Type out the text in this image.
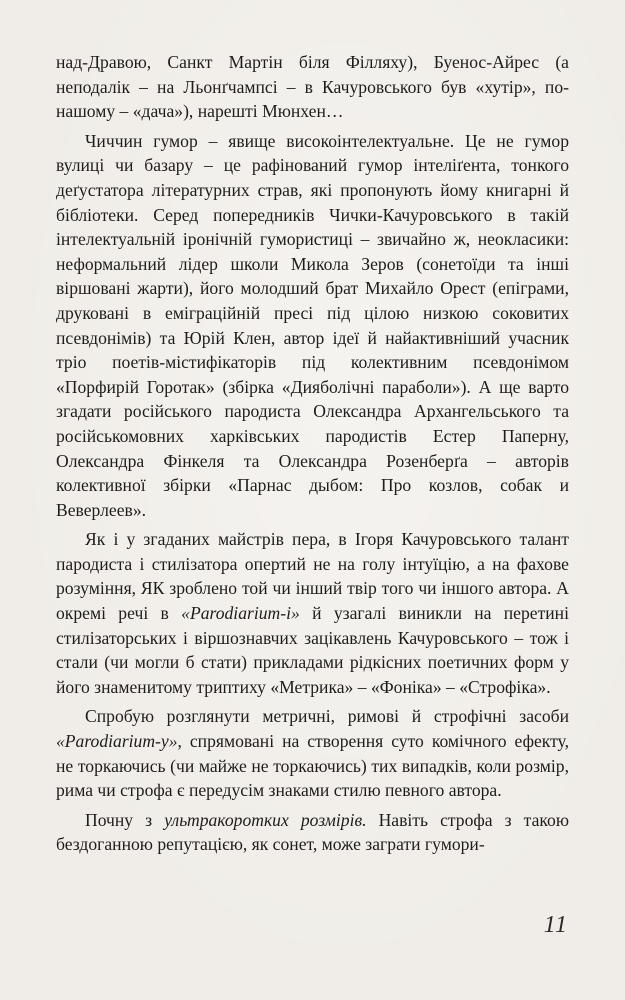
над-Дравою, Санкт Мартін біля Філляху), Буенос-Айрес (а неподалік – на Льонґчампсі – в Качуровського був «хутір», по-нашому – «дача»), нарешті Мюнхен…

Чиччин гумор – явище високоінтелектуальне. Це не гумор вулиці чи базару – це рафінований гумор інтеліґента, тонкого деґустатора літературних страв, які пропонують йому книгарні й бібліотеки. Серед попередників Чички-Качуровського в такій інтелектуальній іронічній гумористиці – звичайно ж, неокласики: неформальний лідер школи Микола Зеров (сонетоїди та інші віршовані жарти), його молодший брат Михайло Орест (епіграми, друковані в еміграційній пресі під цілою низкою соковитих псевдонімів) та Юрій Клен, автор ідеї й найактивніший учасник тріо поетів-містифікаторів під колективним псевдонімом «Порфирій Горотак» (збірка «Дияболічні параболи»). А ще варто згадати російського пародиста Олександра Архангельського та російськомовних харківських пародистів Естер Паперну, Олександра Фінкеля та Олександра Розенберґа – авторів колективної збірки «Парнас дыбом: Про козлов, собак и Веверлеев».

Як і у згаданих майстрів пера, в Ігоря Качуровського талант пародиста і стилізатора опертий не на голу інтуїцію, а на фахове розуміння, ЯК зроблено той чи інший твір того чи іншого автора. А окремі речі в «Parodiarium-і» й узагалі виникли на перетині стилізаторських і віршознавчих зацікавлень Качуровського – тож і стали (чи могли б стати) прикладами рідкісних поетичних форм у його знаменитому триптиху «Метрика» – «Фоніка» – «Строфіка».

Спробую розглянути метричні, римові й строфічні засоби «Parodiarium-у», спрямовані на створення суто комічного ефекту, не торкаючись (чи майже не торкаючись) тих випадків, коли розмір, рима чи строфа є передусім знаками стилю певного автора.

Почну з ультракоротких розмірів. Навіть строфа з такою бездоганною репутацією, як сонет, може заграти гумори-

11
